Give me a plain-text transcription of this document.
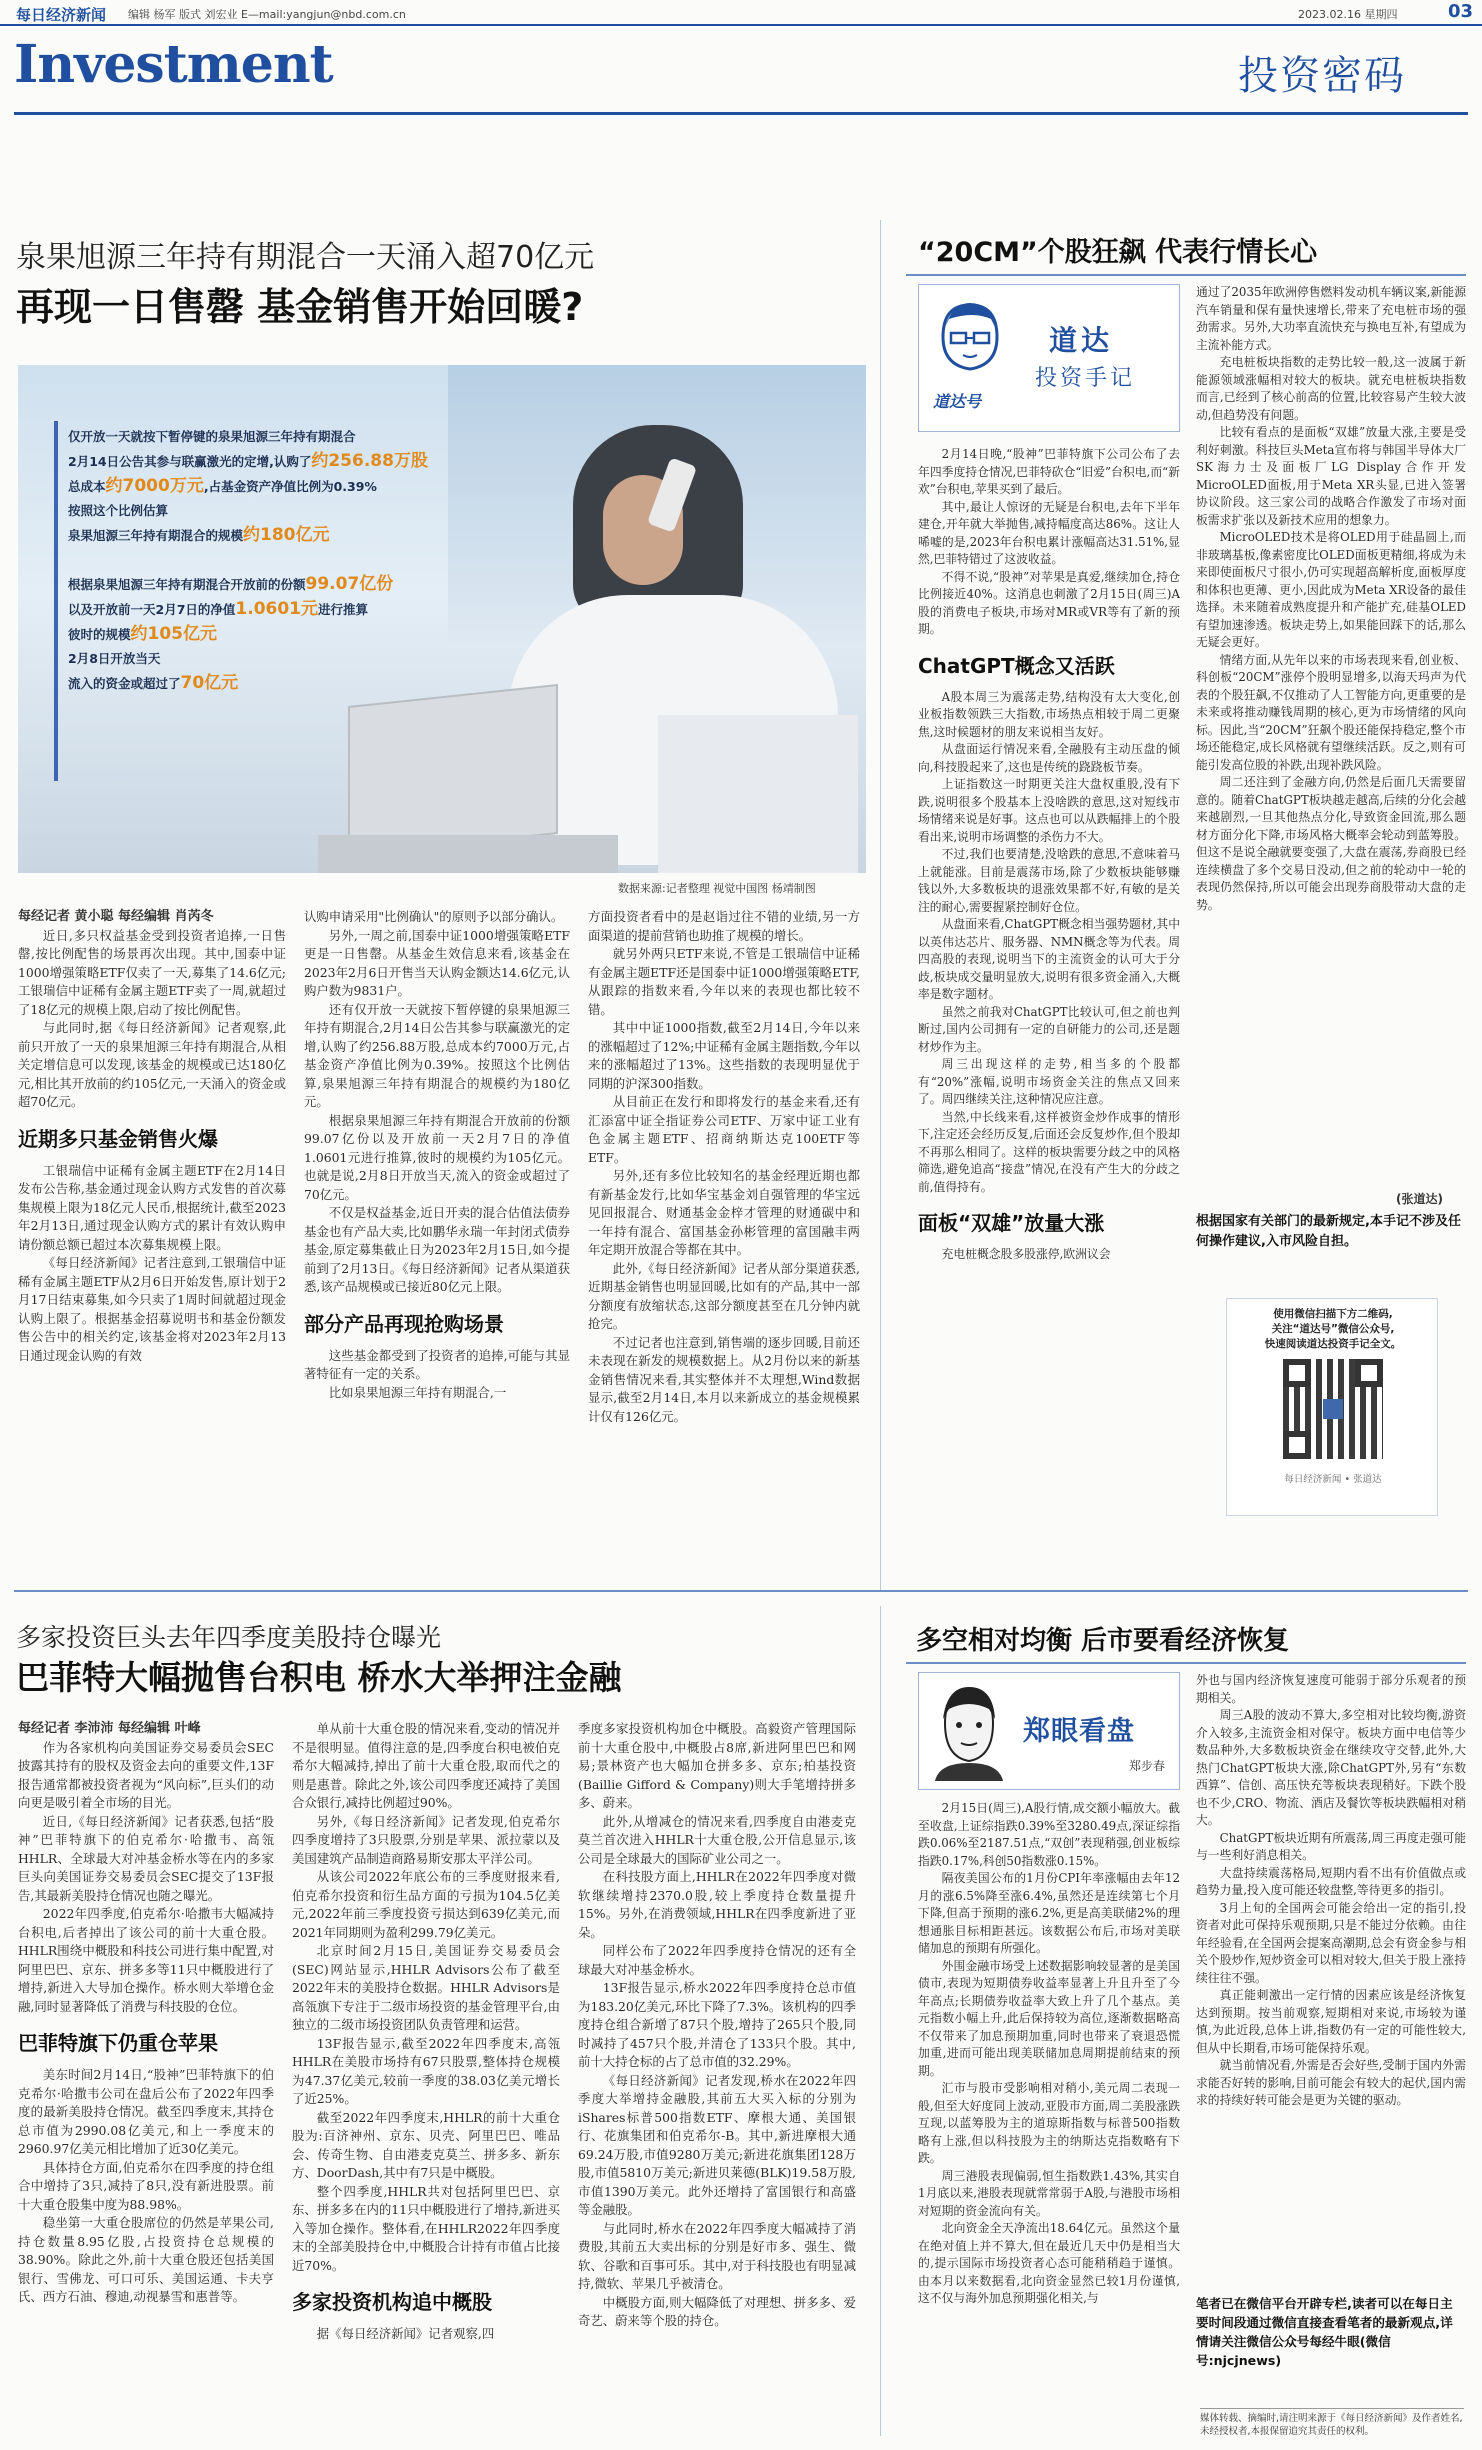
每日经济新闻 编辑 杨军 版式 刘宏业 E—mail:yangjun@nbd.com.cn	2023.02.16 星期四	03
Investment	投资密码
泉果旭源三年持有期混合一天涌入超70亿元
再现一日售罄 基金销售开始回暖?
仅开放一天就按下暂停键的泉果旭源三年持有期混合
2月14日公告其参与联赢激光的定增,认购了约256.88万股
总成本约7000万元,占基金资产净值比例为0.39%
按照这个比例估算
泉果旭源三年持有期混合的规模约180亿元
根据泉果旭源三年持有期混合开放前的份额99.07亿份
以及开放前一天2月7日的净值1.0601元进行推算
彼时的规模约105亿元
2月8日开放当天
流入的资金或超过了70亿元
数据来源:记者整理 视觉中国图 杨靖制图

每经记者 黄小聪 每经编辑 肖芮冬

近日,多只权益基金受到投资者追捧,一日售罄,按比例配售的场景再次出现。其中,国泰中证1000增强策略ETF仅卖了一天,募集了14.6亿元;工银瑞信中证稀有金属主题ETF卖了一周,就超过了18亿元的规模上限,启动了按比例配售。

与此同时,据《每日经济新闻》记者观察,此前只开放了一天的泉果旭源三年持有期混合,从相关定增信息可以发现,该基金的规模或已达180亿元,相比其开放前的约105亿元,一天涌入的资金或超70亿元。

近期多只基金销售火爆

工银瑞信中证稀有金属主题ETF在2月14日发布公告称,基金通过现金认购方式发售的首次募集规模上限为18亿元人民币,根据统计,截至2023年2月13日,通过现金认购方式的累计有效认购申请份额总额已超过本次募集规模上限。

《每日经济新闻》记者注意到,工银瑞信中证稀有金属主题ETF从2月6日开始发售,原计划于2月17日结束募集,如今只卖了1周时间就超过现金认购上限了。根据基金招募说明书和基金份额发售公告中的相关约定,该基金将对2023年2月13日通过现金认购的有效

认购申请采用"比例确认"的原则予以部分确认。

另外,一周之前,国泰中证1000增强策略ETF更是一日售罄。从基金生效信息来看,该基金在2023年2月6日开售当天认购金额达14.6亿元,认购户数为9831户。

还有仅开放一天就按下暂停键的泉果旭源三年持有期混合,2月14日公告其参与联赢激光的定增,认购了约256.88万股,总成本约7000万元,占基金资产净值比例为0.39%。按照这个比例估算,泉果旭源三年持有期混合的规模约为180亿元。

根据泉果旭源三年持有期混合开放前的份额99.07亿份以及开放前一天2月7日的净值1.0601元进行推算,彼时的规模约为105亿元。也就是说,2月8日开放当天,流入的资金或超过了70亿元。

不仅是权益基金,近日开卖的混合估值法债券基金也有产品大卖,比如鹏华永瑞一年封闭式债券基金,原定募集截止日为2023年2月15日,如今提前到了2月13日。《每日经济新闻》记者从渠道获悉,该产品规模或已接近80亿元上限。

部分产品再现抢购场景

这些基金都受到了投资者的追捧,可能与其显著特征有一定的关系。

比如泉果旭源三年持有期混合,一

方面投资者看中的是赵诣过往不错的业绩,另一方面渠道的提前营销也助推了规模的增长。

就另外两只ETF来说,不管是工银瑞信中证稀有金属主题ETF还是国泰中证1000增强策略ETF,从跟踪的指数来看,今年以来的表现也都比较不错。

其中中证1000指数,截至2月14日,今年以来的涨幅超过了12%;中证稀有金属主题指数,今年以来的涨幅超过了13%。这些指数的表现明显优于同期的沪深300指数。

从目前正在发行和即将发行的基金来看,还有汇添富中证全指证券公司ETF、万家中证工业有色金属主题ETF、招商纳斯达克100ETF等ETF。

另外,还有多位比较知名的基金经理近期也都有新基金发行,比如华宝基金刘自强管理的华宝远见回报混合、财通基金金梓才管理的财通碳中和一年持有混合、富国基金孙彬管理的富国融丰两年定期开放混合等都在其中。

此外,《每日经济新闻》记者从部分渠道获悉,近期基金销售也明显回暖,比如有的产品,其中一部分额度有放缩状态,这部分额度甚至在几分钟内就抢完。

不过记者也注意到,销售端的逐步回暖,目前还未表现在新发的规模数据上。从2月份以来的新基金销售情况来看,其实整体并不太理想,Wind数据显示,截至2月14日,本月以来新成立的基金规模累计仅有126亿元。

“20CM”个股狂飙 代表行情长心
道达号
道达
投资手记

2月14日晚,“股神”巴菲特旗下公司公布了去年四季度持仓情况,巴菲特砍仓“旧爱”台积电,而“新欢”台积电,苹果买到了最后。

其中,最让人惊讶的无疑是台积电,去年下半年建仓,开年就大举抛售,减持幅度高达86%。这让人唏嘘的是,2023年台积电累计涨幅高达31.51%,显然,巴菲特错过了这波收益。

不得不说,“股神”对苹果是真爱,继续加仓,持仓比例接近40%。这消息也刺激了2月15日(周三)A股的消费电子板块,市场对MR或VR等有了新的预期。

ChatGPT概念又活跃

A股本周三为震荡走势,结构没有太大变化,创业板指数领跌三大指数,市场热点相较于周二更聚焦,这时候题材的朋友来说相当友好。

从盘面运行情况来看,全融股有主动压盘的倾向,科技股起来了,这也是传统的跷跷板节奏。

上证指数这一时期更关注大盘权重股,没有下跌,说明很多个股基本上没啥跌的意思,这对短线市场情绪来说是好事。这点也可以从跌幅排上的个股看出来,说明市场调整的杀伤力不大。

不过,我们也要清楚,没啥跌的意思,不意味着马上就能涨。目前是震荡市场,除了少数板块能够赚钱以外,大多数板块的退涨效果都不好,有敏的是关注的耐心,需要握紧控制好仓位。

从盘面来看,ChatGPT概念相当强势题材,其中以英伟达芯片、服务器、NMN概念等为代表。周四高股的表现,说明当下的主流资金的认可大于分歧,板块成交量明显放大,说明有很多资金涌入,大概率是数字题材。

虽然之前我对ChatGPT比较认可,但之前也判断过,国内公司拥有一定的自研能力的公司,还是题材炒作为主。

周三出现这样的走势,相当多的个股都有“20%”涨幅,说明市场资金关注的焦点又回来了。周四继续关注,这种情况应注意。

当然,中长线来看,这样被资金炒作成事的情形下,注定还会经历反复,后面还会反复炒作,但个股却不再那么相同了。这样的板块需要分歧之中的风格筛选,避免追高“接盘”情况,在没有产生大的分歧之前,值得持有。

面板“双雄”放量大涨

充电桩概念股多股涨停,欧洲议会

通过了2035年欧洲停售燃料发动机车辆议案,新能源汽车销量和保有量快速增长,带来了充电桩市场的强劲需求。另外,大功率直流快充与换电互补,有望成为主流补能方式。

充电桩板块指数的走势比较一般,这一波属于新能源领域涨幅相对较大的板块。就充电桩板块指数而言,已经到了核心前高的位置,比较容易产生较大波动,但趋势没有问题。

比较有看点的是面板“双雄”放量大涨,主要是受利好刺激。科技巨头Meta宣布将与韩国半导体大厂SK海力士及面板厂LG Display合作开发MicroOLED面板,用于Meta XR头显,已进入签署协议阶段。这三家公司的战略合作激发了市场对面板需求扩张以及新技术应用的想象力。

MicroOLED技术是将OLED用于硅晶圆上,而非玻璃基板,像素密度比OLED面板更精细,将成为未来即使面板尺寸很小,仍可实现超高解析度,面板厚度和体积也更薄、更小,因此成为Meta XR设备的最佳选择。未来随着成熟度提升和产能扩充,硅基OLED有望加速渗透。板块走势上,如果能回踩下的话,那么无疑会更好。

情绪方面,从先年以来的市场表现来看,创业板、科创板“20CM”涨停个股明显增多,以海天玛声为代表的个股狂飙,不仅推动了人工智能方向,更重要的是未来或将推动赚钱周期的核心,更为市场情绪的风向标。因此,当“20CM”狂飙个股还能保持稳定,整个市场还能稳定,成长风格就有望继续活跃。反之,则有可能引发高位股的补跌,出现补跌风险。

周二还注到了金融方向,仍然是后面几天需要留意的。随着ChatGPT板块越走越高,后续的分化会越来越剧烈,一旦其他热点分化,导致资金回流,那么题材方面分化下降,市场风格大概率会轮动到蓝筹股。但这不是说全融就要变强了,大盘在震荡,券商股已经连续横盘了多个交易日没动,但之前的轮动中一轮的表现仍然保持,所以可能会出现券商股带动大盘的走势。

(张道达)
根据国家有关部门的最新规定,本手记不涉及任何操作建议,入市风险自担。
使用微信扫描下方二维码,
关注“道达号”微信公众号,
快速阅读道达投资手记全文。
每日经济新闻 • 张道达
多家投资巨头去年四季度美股持仓曝光
巴菲特大幅抛售台积电 桥水大举押注金融

每经记者 李沛沛 每经编辑 叶峰

作为各家机构向美国证券交易委员会SEC披露其持有的股权及资金去向的重要文件,13F报告通常都被投资者视为“风向标”,巨头们的动向更是吸引着全市场的目光。

近日,《每日经济新闻》记者获悉,包括“股神”巴菲特旗下的伯克希尔·哈撒韦、高瓴HHLR、全球最大对冲基金桥水等在内的多家巨头向美国证券交易委员会SEC提交了13F报告,其最新美股持仓情况也随之曝光。

2022年四季度,伯克希尔·哈撒韦大幅减持台积电,后者掉出了该公司的前十大重仓股。HHLR围绕中概股和科技公司进行集中配置,对阿里巴巴、京东、拼多多等11只中概股进行了增持,新进入大导加仓操作。桥水则大举增仓金融,同时显著降低了消费与科技股的仓位。

巴菲特旗下仍重仓苹果

美东时间2月14日,“股神”巴菲特旗下的伯克希尔·哈撒韦公司在盘后公布了2022年四季度的最新美股持仓情况。截至四季度末,其持仓总市值为2990.08亿美元,和上一季度末的2960.97亿美元相比增加了近30亿美元。

具体持仓方面,伯克希尔在四季度的持仓组合中增持了3只,减持了8只,没有新进股票。前十大重仓股集中度为88.98%。

稳坐第一大重仓股席位的仍然是苹果公司,持仓数量8.95亿股,占投资持仓总规模的38.90%。除此之外,前十大重仓股还包括美国银行、雪佛龙、可口可乐、美国运通、卡夫亨氏、西方石油、穆迪,动视暴雪和惠普等。

单从前十大重仓股的情况来看,变动的情况并不是很明显。值得注意的是,四季度台积电被伯克希尔大幅减持,掉出了前十大重仓股,取而代之的则是惠普。除此之外,该公司四季度还减持了美国合众银行,减持比例超过90%。

另外,《每日经济新闻》记者发现,伯克希尔四季度增持了3只股票,分别是苹果、派拉蒙以及美国建筑产品制造商路易斯安那太平洋公司。

从该公司2022年底公布的三季度财报来看,伯克希尔投资和衍生品方面的亏损为104.5亿美元,2022年前三季度投资亏损达到639亿美元,而2021年同期则为盈利299.79亿美元。

北京时间2月15日,美国证券交易委员会(SEC)网站显示,HHLR Advisors公布了截至2022年末的美股持仓数据。HHLR Advisors是高瓴旗下专注于二级市场投资的基金管理平台,由独立的二级市场投资团队负责管理和运营。

13F报告显示,截至2022年四季度末,高瓴HHLR在美股市场持有67只股票,整体持仓规模为47.37亿美元,较前一季度的38.03亿美元增长了近25%。

截至2022年四季度末,HHLR的前十大重仓股为:百济神州、京东、贝壳、阿里巴巴、唯品会、传奇生物、自由港麦克莫兰、拼多多、新东方、DoorDash,其中有7只是中概股。

整个四季度,HHLR共对包括阿里巴巴、京东、拼多多在内的11只中概股进行了增持,新进买入等加仓操作。整体看,在HHLR2022年四季度末的全部美股持仓中,中概股合计持有市值占比接近70%。

多家投资机构追中概股

据《每日经济新闻》记者观察,四

季度多家投资机构加仓中概股。高毅资产管理国际前十大重仓股中,中概股占8席,新进阿里巴巴和网易;景林资产也大幅加仓拼多多、京东;柏基投资(Baillie Gifford & Company)则大手笔增持拼多多、蔚来。

此外,从增减仓的情况来看,四季度自由港麦克莫兰首次进入HHLR十大重仓股,公开信息显示,该公司是全球最大的国际矿业公司之一。

在科技股方面上,HHLR在2022年四季度对微软继续增持2370.0股,较上季度持仓数量提升15%。另外,在消费领域,HHLR在四季度新进了亚朵。

同样公布了2022年四季度持仓情况的还有全球最大对冲基金桥水。

13F报告显示,桥水2022年四季度持仓总市值为183.20亿美元,环比下降了7.3%。该机构的四季度持仓组合新增了87只个股,增持了265只个股,同时减持了457只个股,并清仓了133只个股。其中,前十大持仓标的占了总市值的32.29%。

《每日经济新闻》记者发现,桥水在2022年四季度大举增持金融股,其前五大买入标的分别为iShares标普500指数ETF、摩根大通、美国银行、花旗集团和伯克希尔-B。其中,新进摩根大通69.24万股,市值9280万美元;新进花旗集团128万股,市值5810万美元;新进贝莱德(BLK)19.58万股,市值1390万美元。此外还增持了富国银行和高盛等金融股。

与此同时,桥水在2022年四季度大幅减持了消费股,其前五大卖出标的分别是好市多、强生、微软、谷歌和百事可乐。其中,对于科技股也有明显减持,微软、苹果几乎被清仓。

中概股方面,则大幅降低了对理想、拼多多、爱奇艺、蔚来等个股的持仓。

多空相对均衡 后市要看经济恢复
郑眼看盘
郑步春

2月15日(周三),A股行情,成交额小幅放大。截至收盘,上证综指跌0.39%至3280.49点,深证综指跌0.06%至2187.51点,“双创”表现稍强,创业板综指跌0.17%,科创50指数涨0.15%。

隔夜美国公布的1月份CPI年率涨幅由去年12月的涨6.5%降至涨6.4%,虽然还是连续第七个月下降,但高于预期的涨6.2%,更是高美联储2%的理想通胀目标相距甚远。该数据公布后,市场对美联储加息的预期有所强化。

外围金融市场受上述数据影响较显著的是美国债市,表现为短期债券收益率显著上升且升至了今年高点;长期债券收益率大致上升了几个基点。美元指数小幅上升,此后保持较为高位,逐渐数据略高不仅带来了加息预期加重,同时也带来了衰退恐慌加重,进而可能出现美联储加息周期提前结束的预期。

汇市与股市受影响相对稍小,美元周二表现一般,但至大好度同上波动,亚股市方面,周二美股涨跌互现,以蓝筹股为主的道琼斯指数与标普500指数略有上涨,但以科技股为主的纳斯达克指数略有下跌。

周三港股表现偏弱,恒生指数跌1.43%,其实自1月底以来,港股表现就常常弱于A股,与港股市场相对短期的资金流向有关。

北向资金全天净流出18.64亿元。虽然这个量在绝对值上并不算大,但在最近几天中仍是相当大的,提示国际市场投资者心态可能稍稍趋于谨慎。由本月以来数据看,北向资金显然已较1月份谨慎,这不仅与海外加息预期强化相关,与

外也与国内经济恢复速度可能弱于部分乐观者的预期相关。

周三A股的波动不算大,多空相对比较均衡,游资介入较多,主流资金相对保守。板块方面中电信等少数品种外,大多数板块资金在继续攻守交替,此外,大热门ChatGPT板块大涨,除ChatGPT外,另有“东数西算”、信创、高压快充等板块表现稍好。下跌个股也不少,CRO、物流、酒店及餐饮等板块跌幅相对稍大。

ChatGPT板块近期有所震荡,周三再度走强可能与一些利好消息相关。

大盘持续震荡格局,短期内看不出有价值做点或趋势力量,投入度可能还较盘整,等待更多的指引。

3月上旬的全国两会可能会给出一定的指引,投资者对此可保持乐观预期,只是不能过分依赖。由往年经验看,在全国两会提案高潮期,总会有资金参与相关个股炒作,短炒资金可以相对较大,但关于股上涨持续往往不强。

真正能刺激出一定行情的因素应该是经济恢复达到预期。按当前观察,短期相对来说,市场较为谨慎,为此近段,总体上讲,指数仍有一定的可能性较大,但从中长期看,市场可能保持乐观。

就当前情况看,外需是否会好些,受制于国内外需求能否好转的影响,目前可能会有较大的起伏,国内需求的持续好转可能会是更为关键的驱动。

笔者已在微信平台开辟专栏,读者可以在每日主要时间段通过微信直接查看笔者的最新观点,详情请关注微信公众号每经牛眼(微信号:njcjnews)
媒体转载、摘编时,请注明来源于《每日经济新闻》及作者姓名,未经授权者,本报保留追究其责任的权利。
